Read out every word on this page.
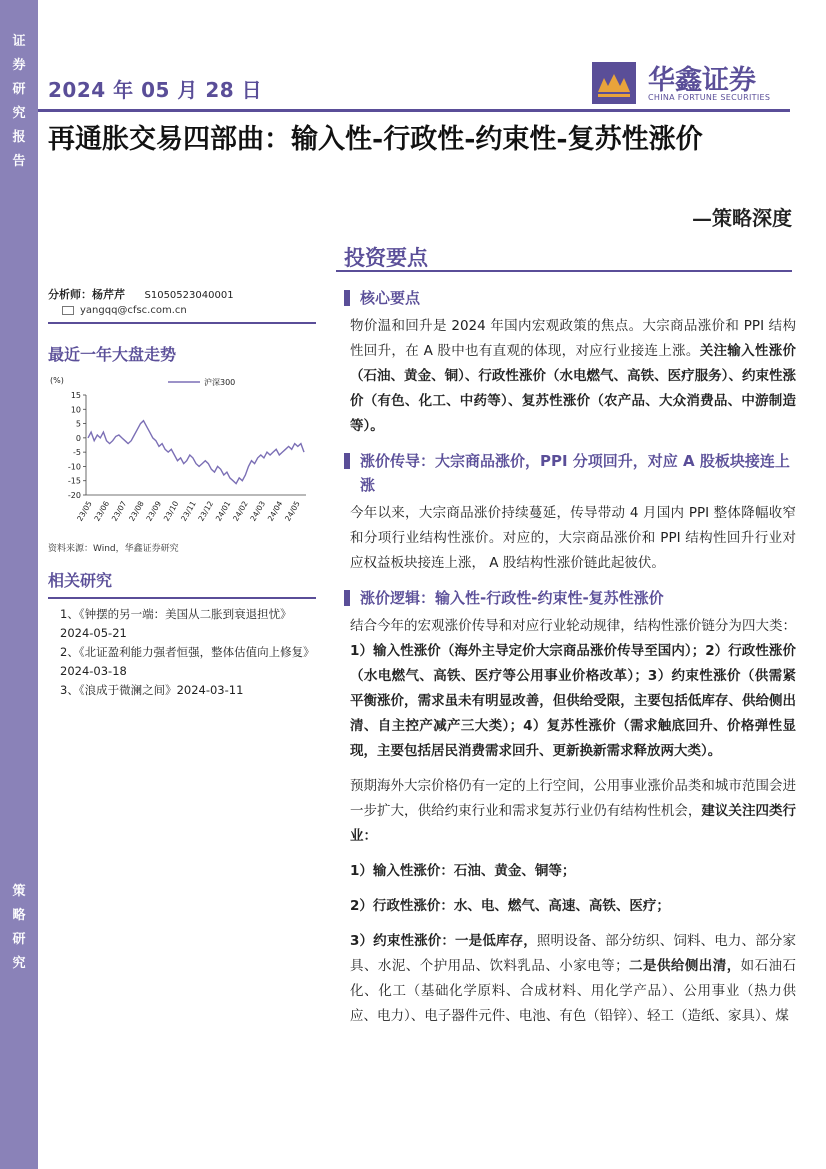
证
券
研
究
报
告
策
略
研
究
2024 年 05 月 28 日	华鑫证券
CHINA FORTUNE SECURITIES
再通胀交易四部曲：输入性-行政性-约束性-复苏性涨价
—策略深度
投资要点
分析师：杨芹芹 S1050523040001
yangqq@cfsc.com.cn
最近一年大盘走势
(%)	沪深300
15
10
5
0
-5
-10
-15
-20
23/05
23/06
23/07
23/08
23/09
23/10
23/11
23/12
24/01
24/02
24/03
24/04
24/05
资料来源：Wind，华鑫证券研究
相关研究
1、《钟摆的另一端：美国从二胀到衰退担忧》2024-05-21
2、《北证盈利能力强者恒强，整体估值向上修复》2024-03-18
3、《浪成于微澜之间》2024-03-11
核心要点
物价温和回升是 2024 年国内宏观政策的焦点。大宗商品涨价和 PPI 结构性回升，在 A 股中也有直观的体现，对应行业接连上涨。关注输入性涨价（石油、黄金、铜）、行政性涨价（水电燃气、高铁、医疗服务）、约束性涨价（有色、化工、中药等）、复苏性涨价（农产品、大众消费品、中游制造等）。
涨价传导：大宗商品涨价，PPI 分项回升，对应 A 股板块接连上涨
今年以来，大宗商品涨价持续蔓延，传导带动 4 月国内 PPI 整体降幅收窄和分项行业结构性涨价。对应的，大宗商品涨价和 PPI 结构性回升行业对应权益板块接连上涨， A 股结构性涨价链此起彼伏。
涨价逻辑：输入性-行政性-约束性-复苏性涨价
结合今年的宏观涨价传导和对应行业轮动规律，结构性涨价链分为四大类：1）输入性涨价（海外主导定价大宗商品涨价传导至国内）；2）行政性涨价（水电燃气、高铁、医疗等公用事业价格改革）；3）约束性涨价（供需紧平衡涨价，需求虽未有明显改善，但供给受限，主要包括低库存、供给侧出清、自主控产减产三大类）；4）复苏性涨价（需求触底回升、价格弹性显现，主要包括居民消费需求回升、更新换新需求释放两大类）。
预期海外大宗价格仍有一定的上行空间，公用事业涨价品类和城市范围会进一步扩大，供给约束行业和需求复苏行业仍有结构性机会，建议关注四类行业：
1）输入性涨价：石油、黄金、铜等；
2）行政性涨价：水、电、燃气、高速、高铁、医疗；
3）约束性涨价：一是低库存，照明设备、部分纺织、饲料、电力、部分家具、水泥、个护用品、饮料乳品、小家电等；二是供给侧出清，如石油石化、化工（基础化学原料、合成材料、用化学产品）、公用事业（热力供应、电力）、电子器件元件、电池、有色（铅锌）、轻工（造纸、家具）、煤
